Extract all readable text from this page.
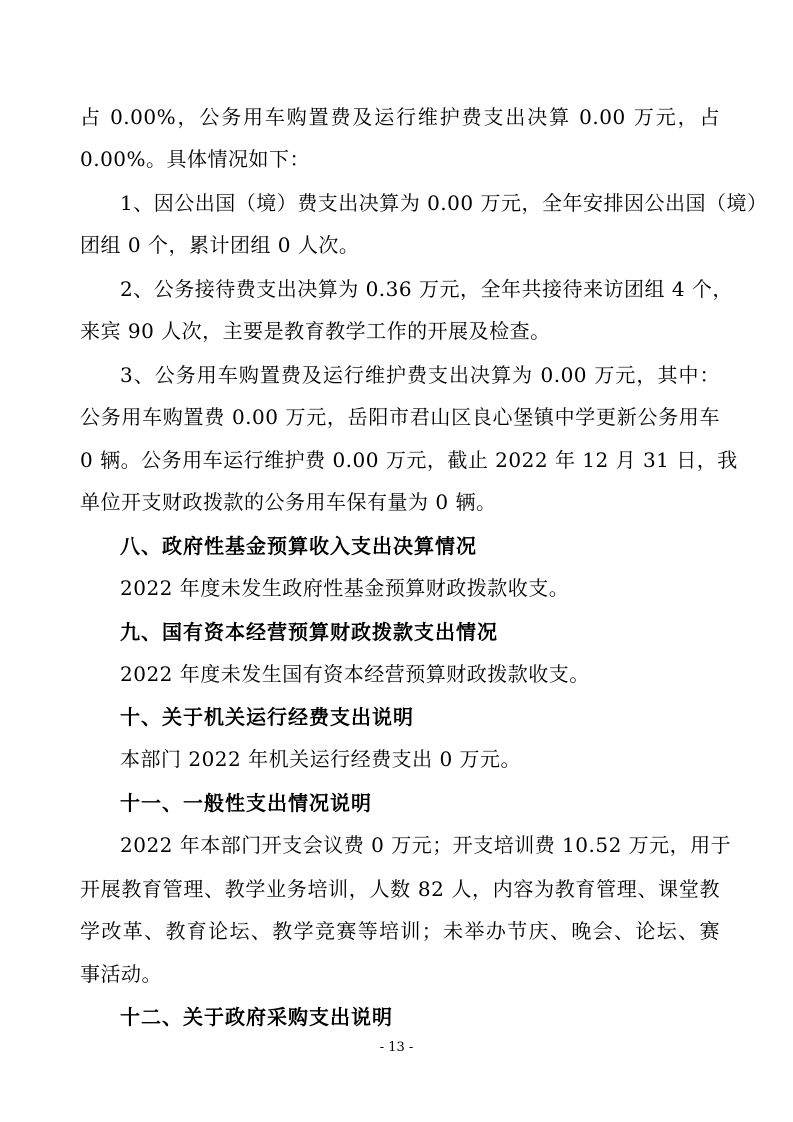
占 0.00%，公务用车购置费及运行维护费支出决算 0.00 万元，占
0.00%。具体情况如下：
1、因公出国（境）费支出决算为 0.00 万元，全年安排因公出国（境）
团组 0 个，累计团组 0 人次。
2、公务接待费支出决算为 0.36 万元，全年共接待来访团组 4 个，
来宾 90 人次，主要是教育教学工作的开展及检查。
3、公务用车购置费及运行维护费支出决算为 0.00 万元，其中：
公务用车购置费 0.00 万元，岳阳市君山区良心堡镇中学更新公务用车
0 辆。公务用车运行维护费 0.00 万元，截止 2022 年 12 月 31 日，我
单位开支财政拨款的公务用车保有量为 0 辆。
八、政府性基金预算收入支出决算情况
2022 年度未发生政府性基金预算财政拨款收支。
九、国有资本经营预算财政拨款支出情况
2022 年度未发生国有资本经营预算财政拨款收支。
十、关于机关运行经费支出说明
本部门 2022 年机关运行经费支出 0 万元。
十一、一般性支出情况说明
2022 年本部门开支会议费 0 万元；开支培训费 10.52 万元，用于
开展教育管理、教学业务培训，人数 82 人，内容为教育管理、课堂教
学改革、教育论坛、教学竞赛等培训；未举办节庆、晚会、论坛、赛
事活动。
十二、关于政府采购支出说明
- 13 -
